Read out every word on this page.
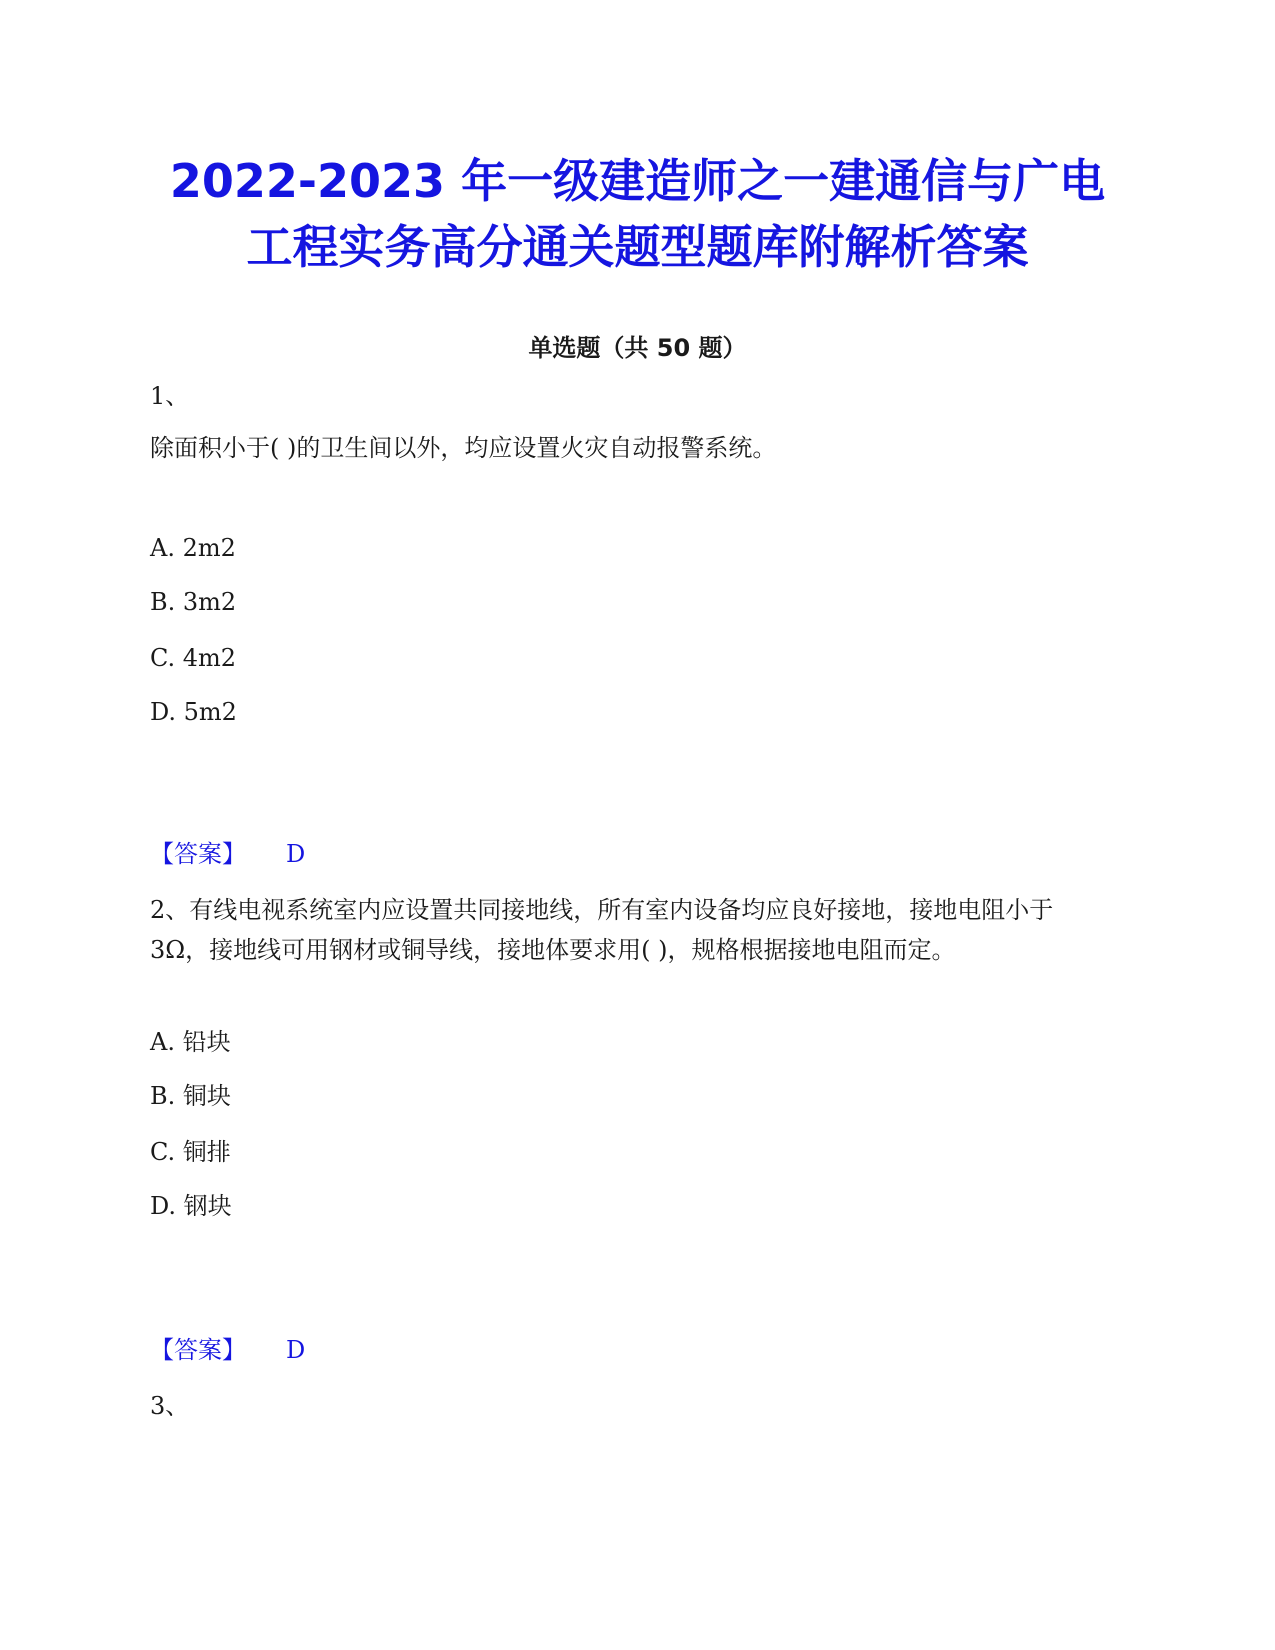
2022-2023 年一级建造师之一建通信与广电
工程实务高分通关题型题库附解析答案
单选题（共 50 题）
1、
除面积小于( )的卫生间以外，均应设置火灾自动报警系统。
A. 2m2
B. 3m2
C. 4m2
D. 5m2
【答案】 D
2、有线电视系统室内应设置共同接地线，所有室内设备均应良好接地，接地电阻小于 3Ω，接地线可用钢材或铜导线，接地体要求用( )，规格根据接地电阻而定。
A. 铅块
B. 铜块
C. 铜排
D. 钢块
【答案】 D
3、
